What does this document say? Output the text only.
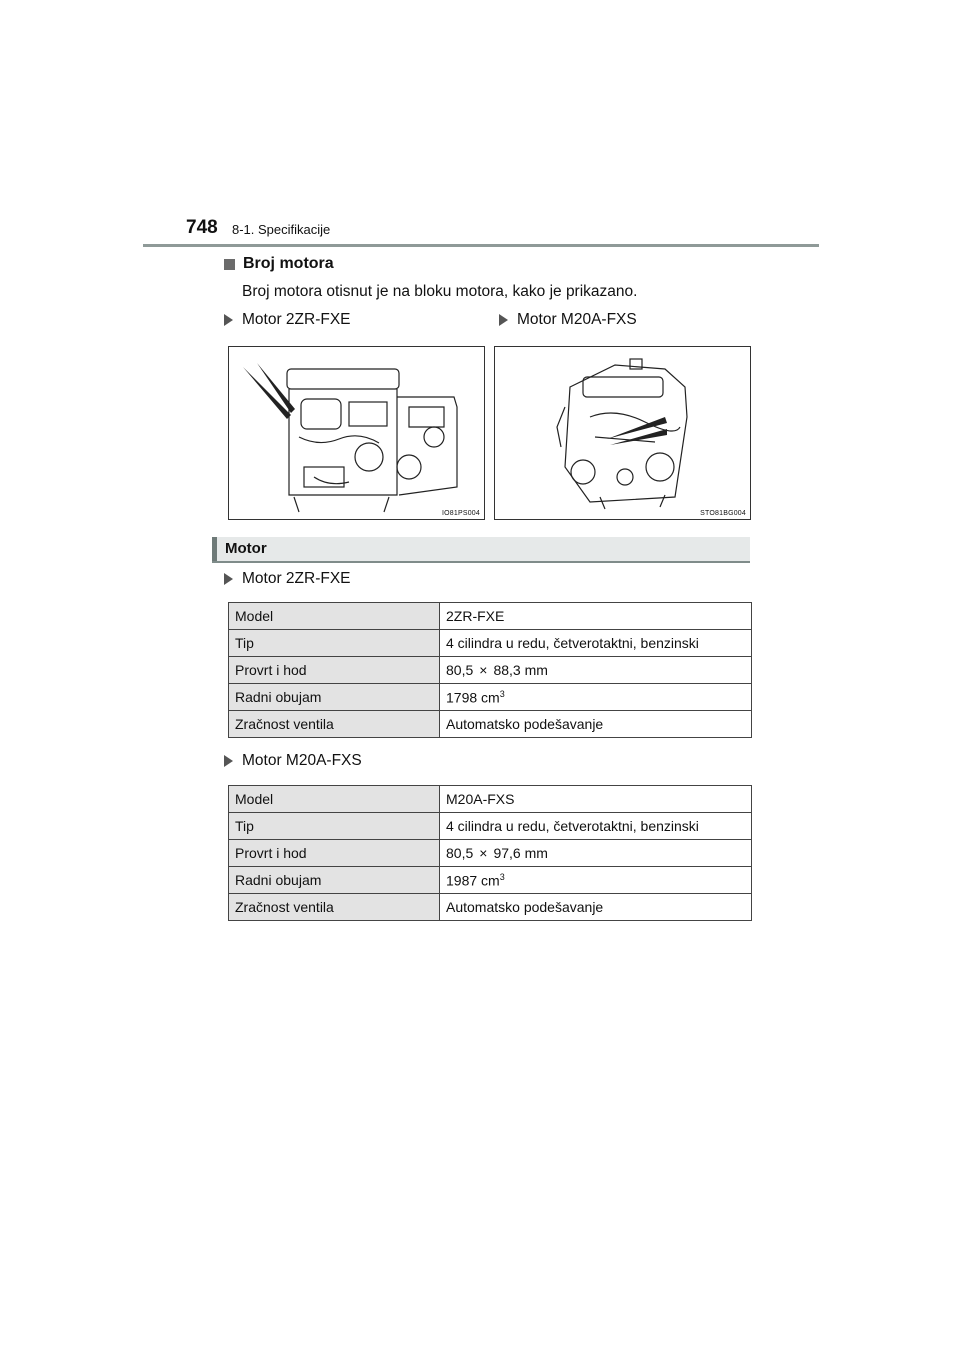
748 8-1. Specifikacije
Broj motora
Broj motora otisnut je na bloku motora, kako je prikazano.
Motor 2ZR-FXE	Motor M20A-FXS
IO81PS004	STO81BG004
Motor
Motor 2ZR-FXE
Model	2ZR-FXE
Tip	4 cilindra u redu, četverotaktni, benzinski
Provrt i hod	80,5 × 88,3 mm
Radni obujam	1798 $cm^3$
Zračnost ventila	Automatsko podešavanje
Motor M20A-FXS
Model	M20A-FXS
Tip	4 cilindra u redu, četverotaktni, benzinski
Provrt i hod	80,5 × 97,6 mm
Radni obujam	1987 $cm^3$
Zračnost ventila	Automatsko podešavanje
